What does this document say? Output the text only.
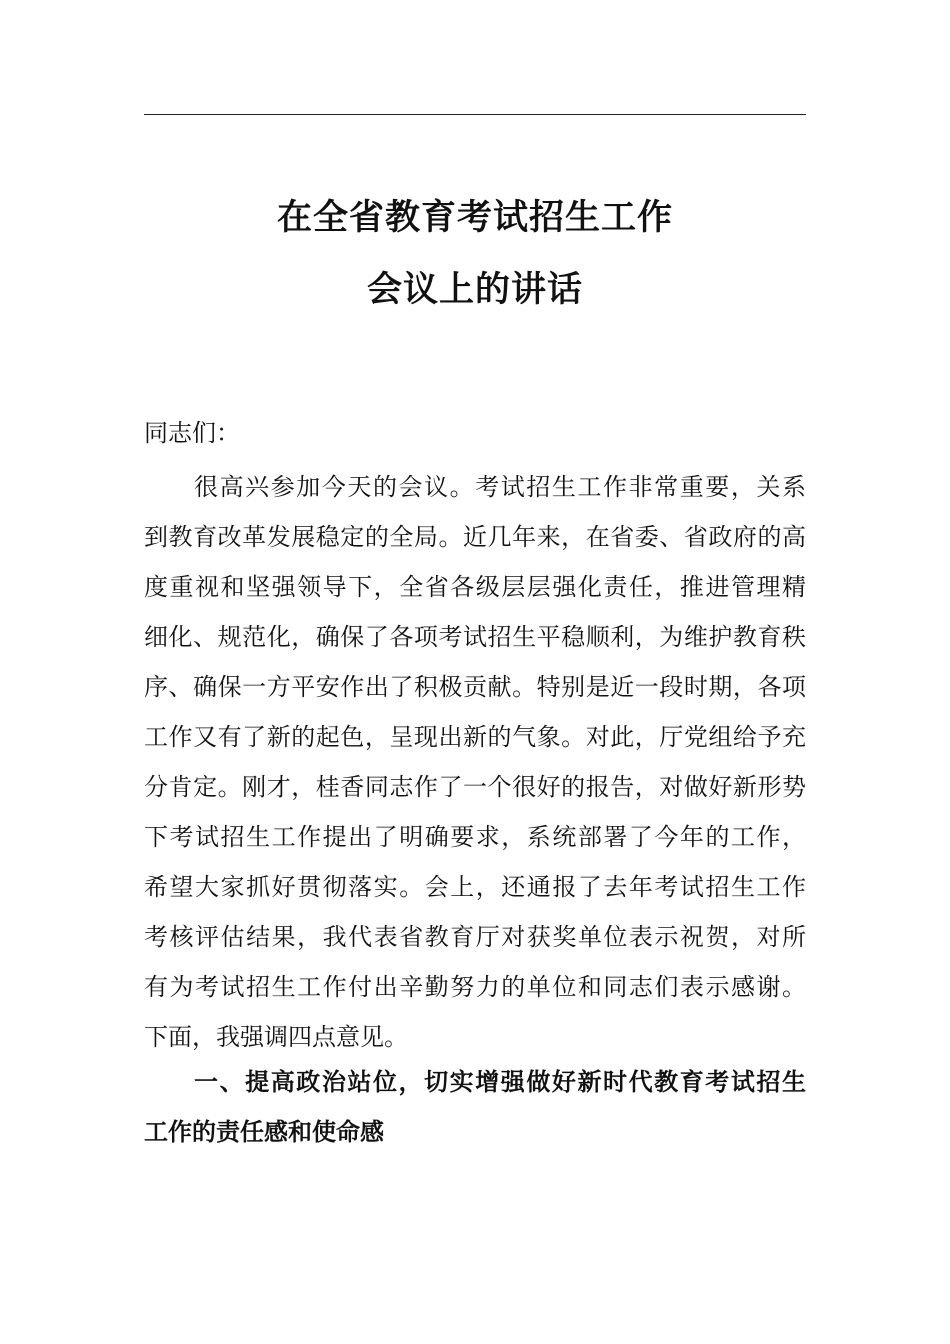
在全省教育考试招生工作
会议上的讲话
同志们：
很高兴参加今天的会议。考试招生工作非常重要，关系
到教育改革发展稳定的全局。近几年来，在省委、省政府的高
度重视和坚强领导下，全省各级层层强化责任，推进管理精
细化、规范化，确保了各项考试招生平稳顺利，为维护教育秩
序、确保一方平安作出了积极贡献。特别是近一段时期，各项
工作又有了新的起色，呈现出新的气象。对此，厅党组给予充
分肯定。刚才，桂香同志作了一个很好的报告，对做好新形势
下考试招生工作提出了明确要求，系统部署了今年的工作，
希望大家抓好贯彻落实。会上，还通报了去年考试招生工作
考核评估结果，我代表省教育厅对获奖单位表示祝贺，对所
有为考试招生工作付出辛勤努力的单位和同志们表示感谢。
下面，我强调四点意见。
一、提高政治站位，切实增强做好新时代教育考试招生
工作的责任感和使命感
